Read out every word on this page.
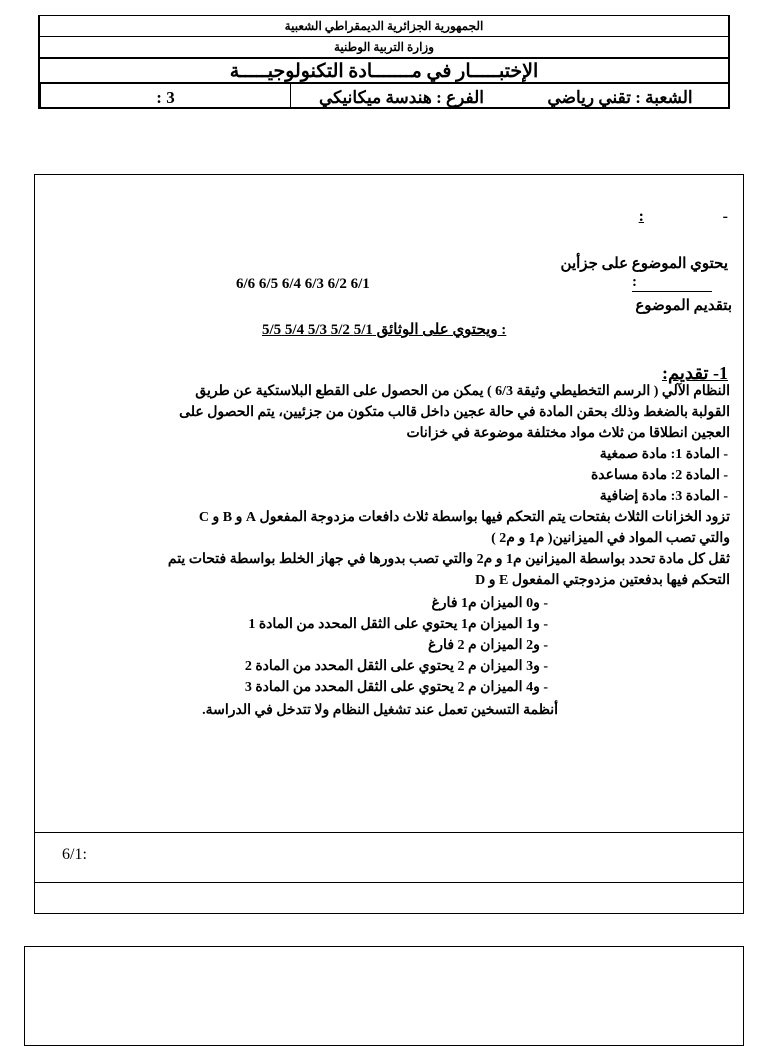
الجمهورية الجزائرية الديمقراطي الشعبية
وزارة التربية الوطنية
الإختبـــــار في مـــــــادة التكنولوجيـــــة
الشعبة : تقني رياضي
الفرع : هندسة ميكانيكي
3 :
- :
يحتوي الموضوع على جزأين
6/6 6/5 6/4 6/3 6/2 6/1	:
بتقديم الموضوع
: ويحتوي على الوثائق 5/1 5/2 5/3 5/4 5/5
1- تقديم:
النظام الآلي ( الرسم التخطيطي وثيقة 6/3 ) يمكن من الحصول على القطع البلاستكية عن طريق
القولبة بالضغط وذلك بحقن المادة في حالة عجين داخل قالب متكون من جزئيين، يتم الحصول على
العجين انطلاقا من ثلاث مواد مختلفة موضوعة في خزانات
- المادة 1: مادة صمغية
- المادة 2: مادة مساعدة
- المادة 3: مادة إضافية
تزود الخزانات الثلاث بفتحات يتم التحكم فيها بواسطة ثلاث دافعات مزدوجة المفعول A و B و C
والتي تصب المواد في الميزانين( م1 و م2 )
ثقل كل مادة تحدد بواسطة الميزانين م1 و م2 والتي تصب بدورها في جهاز الخلط بواسطة فتحات يتم
التحكم فيها بدفعتين مزدوجتي المفعول E و D
- و0 الميزان م1 فارغ
- و1 الميزان م1 يحتوي على الثقل المحدد من المادة 1
- و2 الميزان م 2 فارغ
- و3 الميزان م 2 يحتوي على الثقل المحدد من المادة 2
- و4 الميزان م 2 يحتوي على الثقل المحدد من المادة 3
أنظمة التسخين تعمل عند تشغيل النظام ولا تتدخل في الدراسة.
6/1:
